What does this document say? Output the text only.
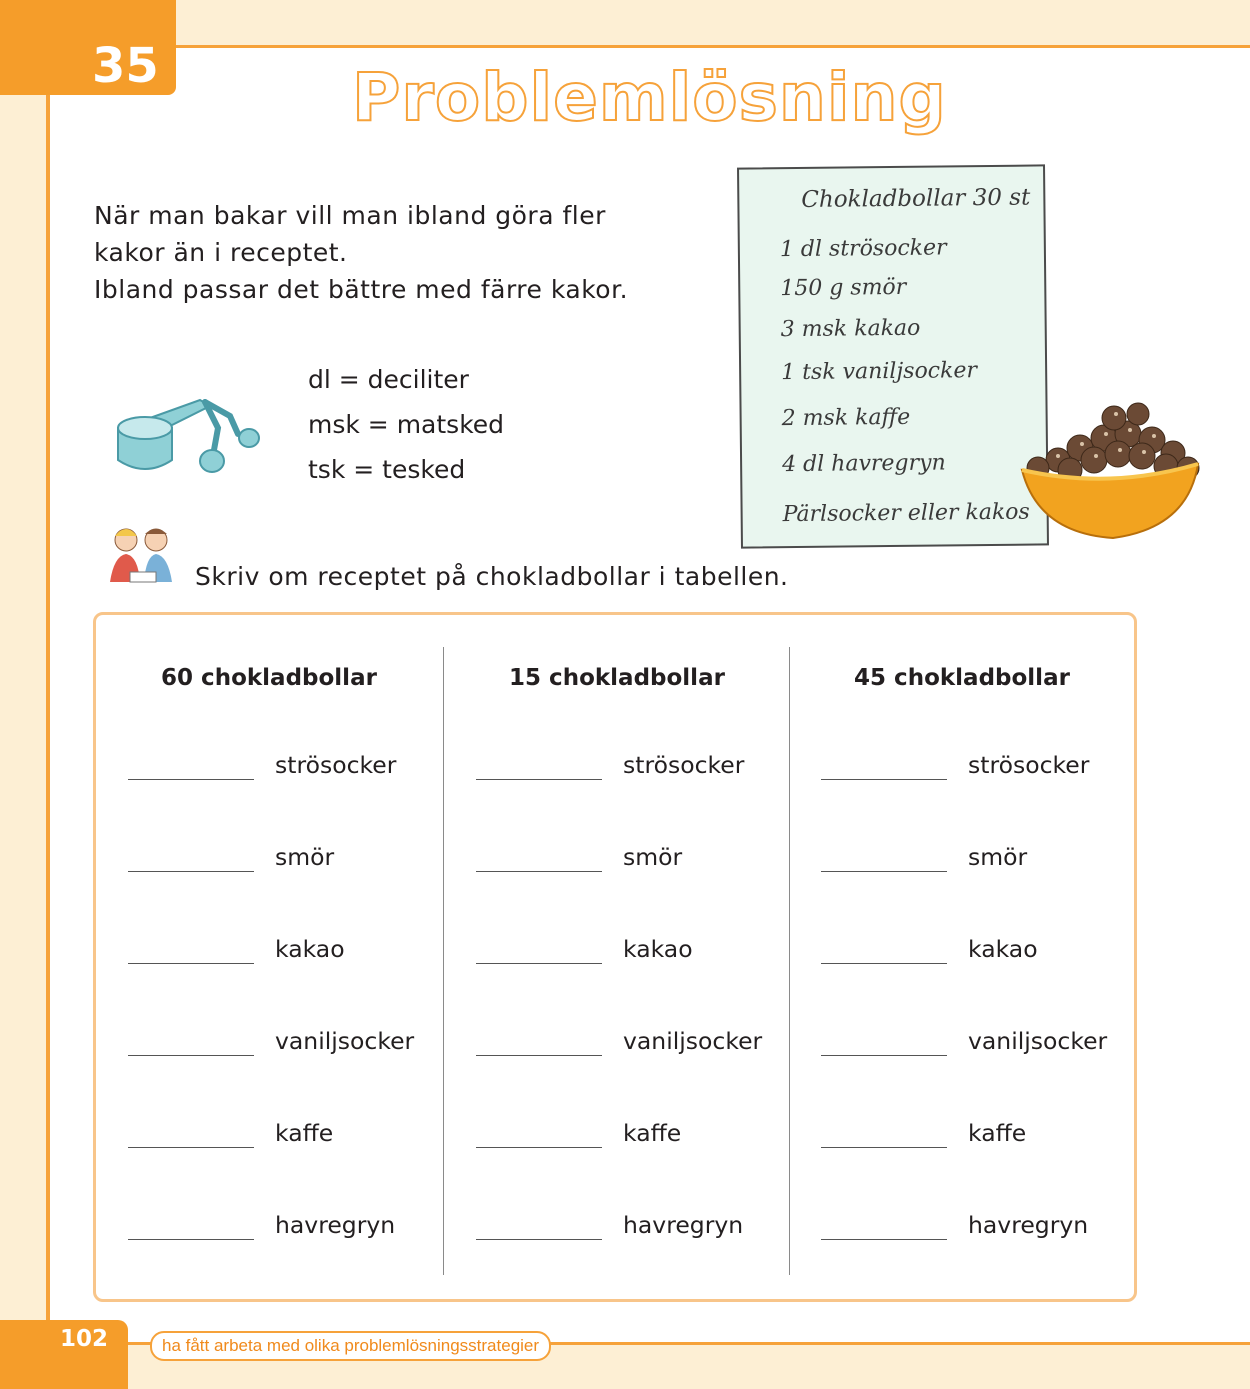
35	Problemlösning
När man bakar vill man ibland göra fler
kakor än i receptet.
Ibland passar det bättre med färre kakor.
dl = deciliter
msk = matsked
tsk = tesked
Chokladbollar 30 st
1 dl strösocker
150 g smör
3 msk kakao
1 tsk vaniljsocker
2 msk kaffe
4 dl havregryn
Pärlsocker eller kakos
Skriv om receptet på chokladbollar i tabellen.
60 chokladbollar
strösocker
smör
kakao
vaniljsocker
kaffe
havregryn
15 chokladbollar
strösocker
smör
kakao
vaniljsocker
kaffe
havregryn
45 chokladbollar
strösocker
smör
kakao
vaniljsocker
kaffe
havregryn
102	ha fått arbeta med olika problemlösningsstrategier
